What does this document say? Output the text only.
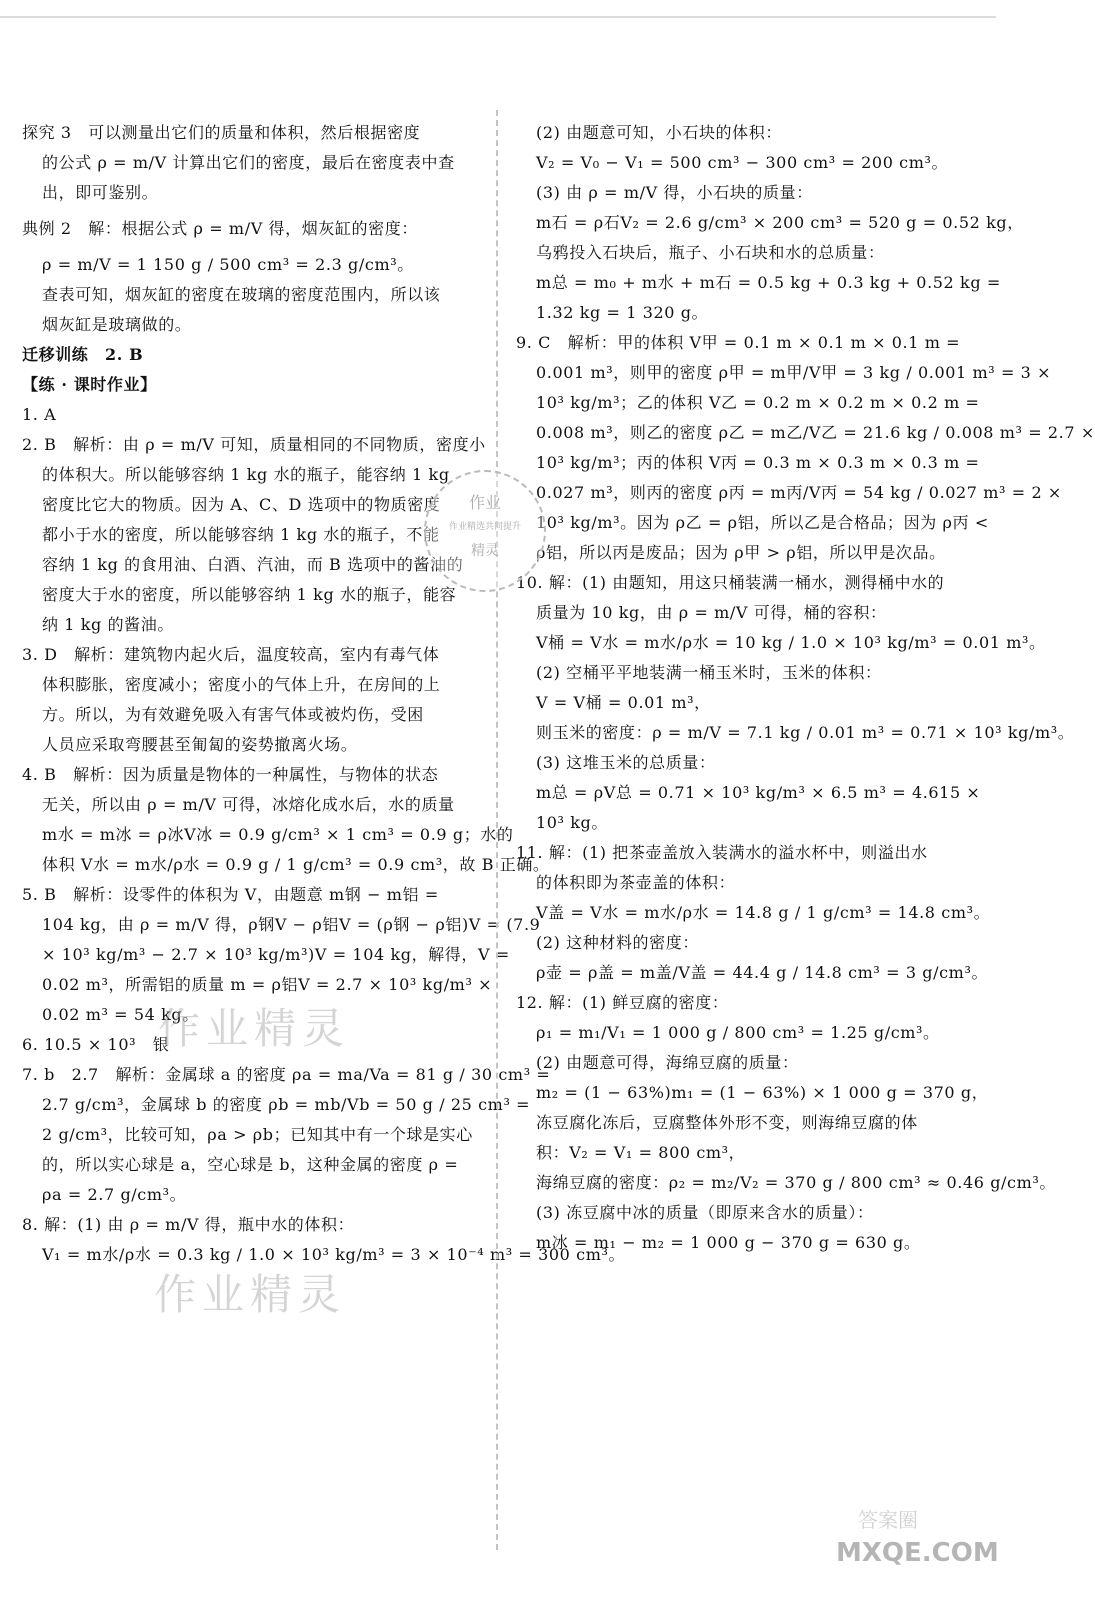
探究 3　可以测量出它们的质量和体积，然后根据密度
的公式 ρ = m/V 计算出它们的密度，最后在密度表中查
出，即可鉴别。
典例 2　解：根据公式 ρ = m/V 得，烟灰缸的密度：
ρ = m/V = 1 150 g / 500 cm³ = 2.3 g/cm³。
查表可知，烟灰缸的密度在玻璃的密度范围内，所以该
烟灰缸是玻璃做的。
迁移训练　2. B
【练 · 课时作业】
1. A
2. B　解析：由 ρ = m/V 可知，质量相同的不同物质，密度小
的体积大。所以能够容纳 1 kg 水的瓶子，能容纳 1 kg
密度比它大的物质。因为 A、C、D 选项中的物质密度
都小于水的密度，所以能够容纳 1 kg 水的瓶子，不能
容纳 1 kg 的食用油、白酒、汽油，而 B 选项中的酱油的
密度大于水的密度，所以能够容纳 1 kg 水的瓶子，能容
纳 1 kg 的酱油。
3. D　解析：建筑物内起火后，温度较高，室内有毒气体
体积膨胀，密度减小；密度小的气体上升，在房间的上
方。所以，为有效避免吸入有害气体或被灼伤，受困
人员应采取弯腰甚至匍匐的姿势撤离火场。
4. B　解析：因为质量是物体的一种属性，与物体的状态
无关，所以由 ρ = m/V 可得，冰熔化成水后，水的质量
m水 = m冰 = ρ冰V冰 = 0.9 g/cm³ × 1 cm³ = 0.9 g；水的
体积 V水 = m水/ρ水 = 0.9 g / 1 g/cm³ = 0.9 cm³，故 B 正确。
5. B　解析：设零件的体积为 V，由题意 m钢 − m铝 =
104 kg，由 ρ = m/V 得，ρ钢V − ρ铝V = (ρ钢 − ρ铝)V = (7.9
× 10³ kg/m³ − 2.7 × 10³ kg/m³)V = 104 kg，解得，V =
0.02 m³，所需铝的质量 m = ρ铝V = 2.7 × 10³ kg/m³ ×
0.02 m³ = 54 kg。
6. 10.5 × 10³　银
7. b　2.7　解析：金属球 a 的密度 ρa = ma/Va = 81 g / 30 cm³ =
2.7 g/cm³，金属球 b 的密度 ρb = mb/Vb = 50 g / 25 cm³ =
2 g/cm³，比较可知，ρa > ρb；已知其中有一个球是实心
的，所以实心球是 a，空心球是 b，这种金属的密度 ρ =
ρa = 2.7 g/cm³。
8. 解：(1) 由 ρ = m/V 得，瓶中水的体积：
V₁ = m水/ρ水 = 0.3 kg / 1.0 × 10³ kg/m³ = 3 × 10⁻⁴ m³ = 300 cm³。
(2) 由题意可知，小石块的体积：
V₂ = V₀ − V₁ = 500 cm³ − 300 cm³ = 200 cm³。
(3) 由 ρ = m/V 得，小石块的质量：
m石 = ρ石V₂ = 2.6 g/cm³ × 200 cm³ = 520 g = 0.52 kg，
乌鸦投入石块后，瓶子、小石块和水的总质量：
m总 = m₀ + m水 + m石 = 0.5 kg + 0.3 kg + 0.52 kg =
1.32 kg = 1 320 g。
9. C　解析：甲的体积 V甲 = 0.1 m × 0.1 m × 0.1 m =
0.001 m³，则甲的密度 ρ甲 = m甲/V甲 = 3 kg / 0.001 m³ = 3 ×
10³ kg/m³；乙的体积 V乙 = 0.2 m × 0.2 m × 0.2 m =
0.008 m³，则乙的密度 ρ乙 = m乙/V乙 = 21.6 kg / 0.008 m³ = 2.7 ×
10³ kg/m³；丙的体积 V丙 = 0.3 m × 0.3 m × 0.3 m =
0.027 m³，则丙的密度 ρ丙 = m丙/V丙 = 54 kg / 0.027 m³ = 2 ×
10³ kg/m³。因为 ρ乙 = ρ铝，所以乙是合格品；因为 ρ丙 <
ρ铝，所以丙是废品；因为 ρ甲 > ρ铝，所以甲是次品。
10. 解：(1) 由题知，用这只桶装满一桶水，测得桶中水的
质量为 10 kg，由 ρ = m/V 可得，桶的容积：
V桶 = V水 = m水/ρ水 = 10 kg / 1.0 × 10³ kg/m³ = 0.01 m³。
(2) 空桶平平地装满一桶玉米时，玉米的体积：
V = V桶 = 0.01 m³，
则玉米的密度：ρ = m/V = 7.1 kg / 0.01 m³ = 0.71 × 10³ kg/m³。
(3) 这堆玉米的总质量：
m总 = ρV总 = 0.71 × 10³ kg/m³ × 6.5 m³ = 4.615 ×
10³ kg。
11. 解：(1) 把茶壶盖放入装满水的溢水杯中，则溢出水
的体积即为茶壶盖的体积：
V盖 = V水 = m水/ρ水 = 14.8 g / 1 g/cm³ = 14.8 cm³。
(2) 这种材料的密度：
ρ壶 = ρ盖 = m盖/V盖 = 44.4 g / 14.8 cm³ = 3 g/cm³。
12. 解：(1) 鲜豆腐的密度：
ρ₁ = m₁/V₁ = 1 000 g / 800 cm³ = 1.25 g/cm³。
(2) 由题意可得，海绵豆腐的质量：
m₂ = (1 − 63%)m₁ = (1 − 63%) × 1 000 g = 370 g，
冻豆腐化冻后，豆腐整体外形不变，则海绵豆腐的体
积：V₂ = V₁ = 800 cm³，
海绵豆腐的密度：ρ₂ = m₂/V₂ = 370 g / 800 cm³ ≈ 0.46 g/cm³。
(3) 冻豆腐中冰的质量（即原来含水的质量）：
m冰 = m₁ − m₂ = 1 000 g − 370 g = 630 g。
作业
作业精选共同提升
精灵
作业精灵
作业精灵
答案圈
MXQE.COM
